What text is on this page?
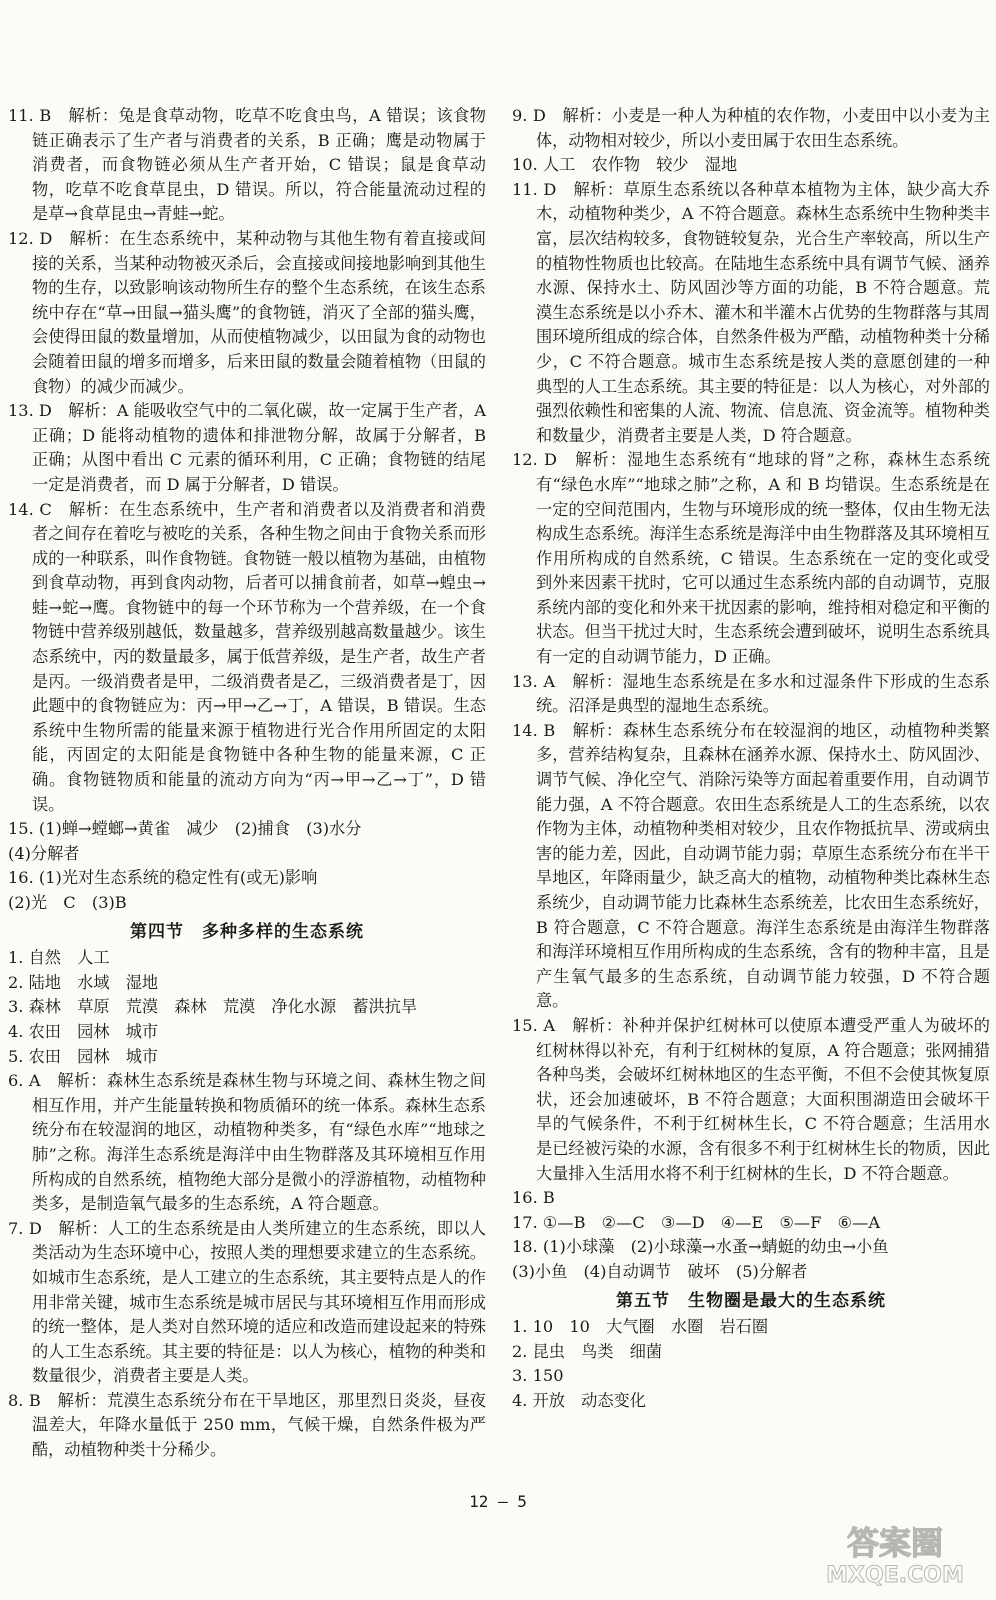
11. B　解析：兔是食草动物，吃草不吃食虫鸟，A 错误；该食物链正确表示了生产者与消费者的关系，B 正确；鹰是动物属于消费者，而食物链必须从生产者开始，C 错误；鼠是食草动物，吃草不吃食草昆虫，D 错误。所以，符合能量流动过程的是草→食草昆虫→青蛙→蛇。

12. D　解析：在生态系统中，某种动物与其他生物有着直接或间接的关系，当某种动物被灭杀后，会直接或间接地影响到其他生物的生存，以致影响该动物所生存的整个生态系统，在该生态系统中存在“草→田鼠→猫头鹰”的食物链，消灭了全部的猫头鹰，会使得田鼠的数量增加，从而使植物减少，以田鼠为食的动物也会随着田鼠的增多而增多，后来田鼠的数量会随着植物（田鼠的食物）的减少而减少。

13. D　解析：A 能吸收空气中的二氧化碳，故一定属于生产者，A 正确；D 能将动植物的遗体和排泄物分解，故属于分解者，B 正确；从图中看出 C 元素的循环利用，C 正确；食物链的结尾一定是消费者，而 D 属于分解者，D 错误。

14. C　解析：在生态系统中，生产者和消费者以及消费者和消费者之间存在着吃与被吃的关系，各种生物之间由于食物关系而形成的一种联系，叫作食物链。食物链一般以植物为基础，由植物到食草动物，再到食肉动物，后者可以捕食前者，如草→蝗虫→蛙→蛇→鹰。食物链中的每一个环节称为一个营养级，在一个食物链中营养级别越低，数量越多，营养级别越高数量越少。该生态系统中，丙的数量最多，属于低营养级，是生产者，故生产者是丙。一级消费者是甲，二级消费者是乙，三级消费者是丁，因此题中的食物链应为：丙→甲→乙→丁，A 错误，B 错误。生态系统中生物所需的能量来源于植物进行光合作用所固定的太阳能，丙固定的太阳能是食物链中各种生物的能量来源，C 正确。食物链物质和能量的流动方向为“丙→甲→乙→丁”，D 错误。

15. (1)蝉→螳螂→黄雀　减少　(2)捕食　(3)水分

(4)分解者

16. (1)光对生态系统的稳定性有(或无)影响

(2)光　C　(3)B

第四节　多种多样的生态系统

1. 自然　人工

2. 陆地　水域　湿地

3. 森林　草原　荒漠　森林　荒漠　净化水源　蓄洪抗旱

4. 农田　园林　城市

5. 农田　园林　城市

6. A　解析：森林生态系统是森林生物与环境之间、森林生物之间相互作用，并产生能量转换和物质循环的统一体系。森林生态系统分布在较湿润的地区，动植物种类多，有“绿色水库”“地球之肺”之称。海洋生态系统是海洋中由生物群落及其环境相互作用所构成的自然系统，植物绝大部分是微小的浮游植物，动植物种类多，是制造氧气最多的生态系统，A 符合题意。

7. D　解析：人工的生态系统是由人类所建立的生态系统，即以人类活动为生态环境中心，按照人类的理想要求建立的生态系统。如城市生态系统，是人工建立的生态系统，其主要特点是人的作用非常关键，城市生态系统是城市居民与其环境相互作用而形成的统一整体，是人类对自然环境的适应和改造而建设起来的特殊的人工生态系统。其主要的特征是：以人为核心，植物的种类和数量很少，消费者主要是人类。

8. B　解析：荒漠生态系统分布在干旱地区，那里烈日炎炎，昼夜温差大，年降水量低于 250 mm，气候干燥，自然条件极为严酷，动植物种类十分稀少。

9. D　解析：小麦是一种人为种植的农作物，小麦田中以小麦为主体，动物相对较少，所以小麦田属于农田生态系统。

10. 人工　农作物　较少　湿地

11. D　解析：草原生态系统以各种草本植物为主体，缺少高大乔木，动植物种类少，A 不符合题意。森林生态系统中生物种类丰富，层次结构较多，食物链较复杂，光合生产率较高，所以生产的植物性物质也比较高。在陆地生态系统中具有调节气候、涵养水源、保持水土、防风固沙等方面的功能，B 不符合题意。荒漠生态系统是以小乔木、灌木和半灌木占优势的生物群落与其周围环境所组成的综合体，自然条件极为严酷，动植物种类十分稀少，C 不符合题意。城市生态系统是按人类的意愿创建的一种典型的人工生态系统。其主要的特征是：以人为核心，对外部的强烈依赖性和密集的人流、物流、信息流、资金流等。植物种类和数量少，消费者主要是人类，D 符合题意。

12. D　解析：湿地生态系统有“地球的肾”之称，森林生态系统有“绿色水库”“地球之肺”之称，A 和 B 均错误。生态系统是在一定的空间范围内，生物与环境形成的统一整体，仅由生物无法构成生态系统。海洋生态系统是海洋中由生物群落及其环境相互作用所构成的自然系统，C 错误。生态系统在一定的变化或受到外来因素干扰时，它可以通过生态系统内部的自动调节，克服系统内部的变化和外来干扰因素的影响，维持相对稳定和平衡的状态。但当干扰过大时，生态系统会遭到破坏，说明生态系统具有一定的自动调节能力，D 正确。

13. A　解析：湿地生态系统是在多水和过湿条件下形成的生态系统。沼泽是典型的湿地生态系统。

14. B　解析：森林生态系统分布在较湿润的地区，动植物种类繁多，营养结构复杂，且森林在涵养水源、保持水土、防风固沙、调节气候、净化空气、消除污染等方面起着重要作用，自动调节能力强，A 不符合题意。农田生态系统是人工的生态系统，以农作物为主体，动植物种类相对较少，且农作物抵抗旱、涝或病虫害的能力差，因此，自动调节能力弱；草原生态系统分布在半干旱地区，年降雨量少，缺乏高大的植物，动植物种类比森林生态系统少，自动调节能力比森林生态系统差，比农田生态系统好，B 符合题意，C 不符合题意。海洋生态系统是由海洋生物群落和海洋环境相互作用所构成的生态系统，含有的物种丰富，且是产生氧气最多的生态系统，自动调节能力较强，D 不符合题意。

15. A　解析：补种并保护红树林可以使原本遭受严重人为破坏的红树林得以补充，有利于红树林的复原，A 符合题意；张网捕猎各种鸟类，会破坏红树林地区的生态平衡，不但不会使其恢复原状，还会加速破坏，B 不符合题意；大面积围湖造田会破坏干旱的气候条件，不利于红树林生长，C 不符合题意；生活用水是已经被污染的水源，含有很多不利于红树林生长的物质，因此大量排入生活用水将不利于红树林的生长，D 不符合题意。

16. B

17. ①—B　②—C　③—D　④—E　⑤—F　⑥—A

18. (1)小球藻　(2)小球藻→水蚤→蜻蜓的幼虫→小鱼

(3)小鱼　(4)自动调节　破坏　(5)分解者

第五节　生物圈是最大的生态系统

1. 10　10　大气圈　水圈　岩石圈

2. 昆虫　鸟类　细菌

3. 150

4. 开放　动态变化

12 — 5
答案圈
MXQE.COM
